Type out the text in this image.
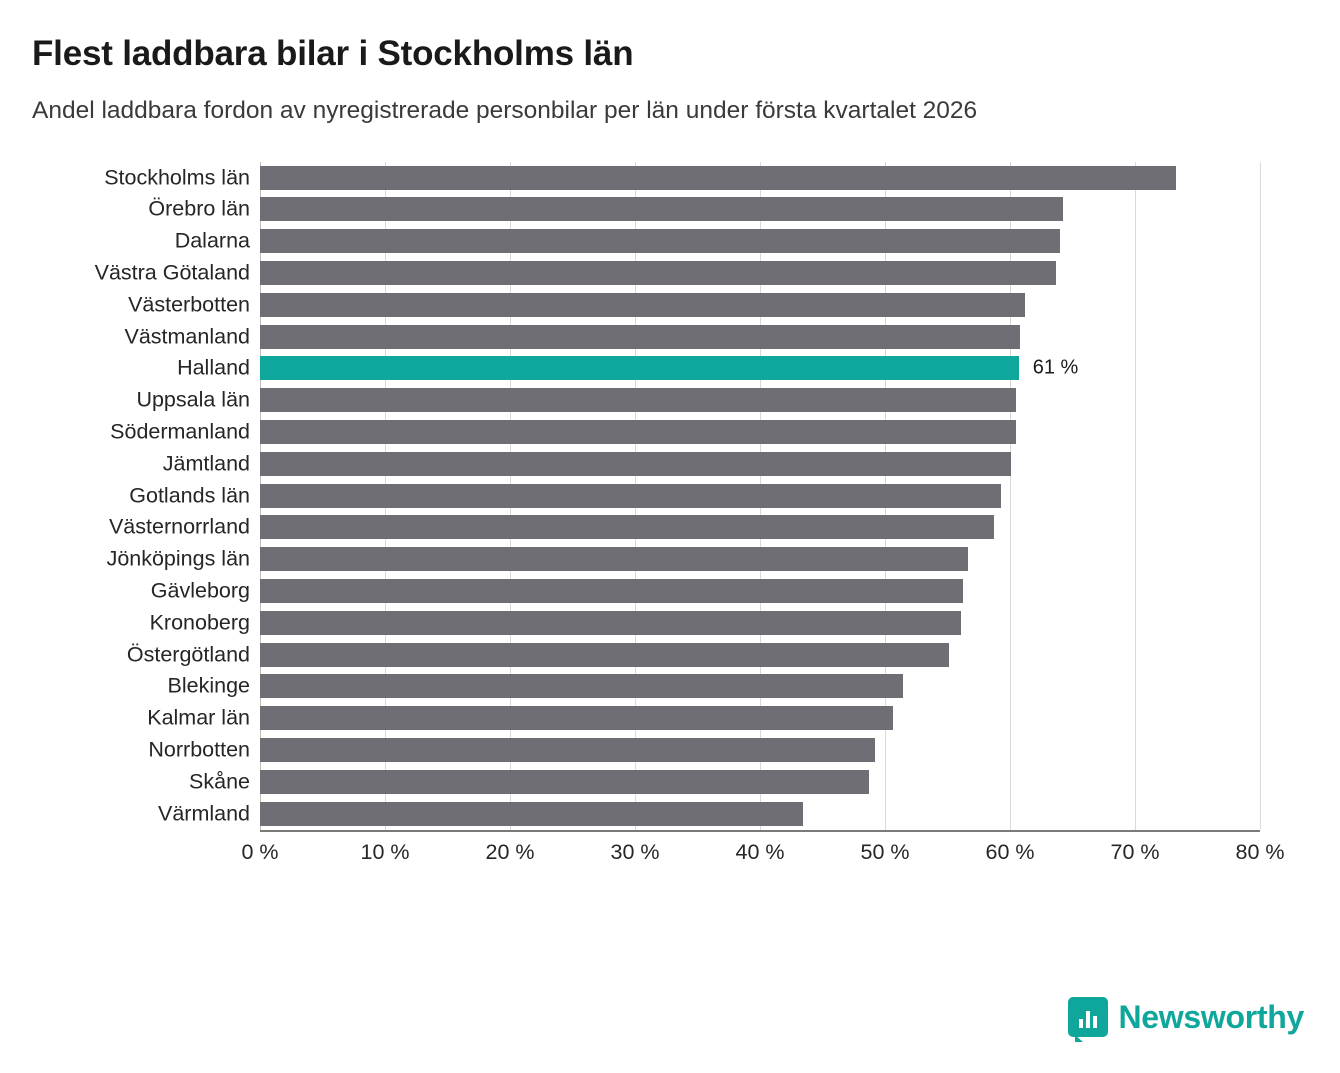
Flest laddbara bilar i Stockholms län

Andel laddbara fordon av nyregistrerade personbilar per län under första kvartalet 2026

Stockholms län
Örebro län
Dalarna
Västra Götaland
Västerbotten
Västmanland
Halland
Uppsala län
Södermanland
Jämtland
Gotlands län
Västernorrland
Jönköpings län
Gävleborg
Kronoberg
Östergötland
Blekinge
Kalmar län
Norrbotten
Skåne
Värmland
0 %	10 %	20 %	30 %	40 %	50 %	60 %	70 %	80 %
61 %
Newsworthy
